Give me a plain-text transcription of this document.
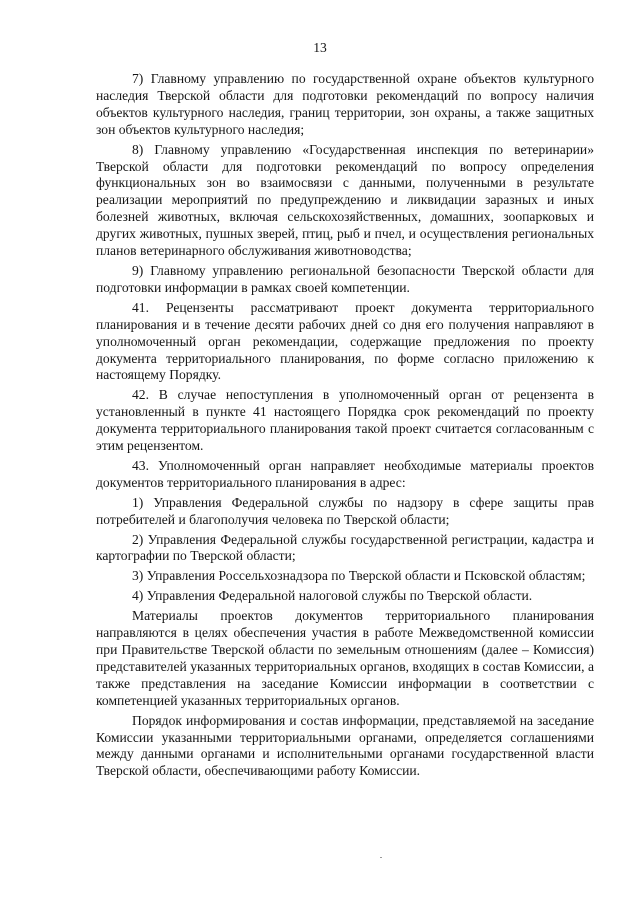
13

7) Главному управлению по государственной охране объектов культурного наследия Тверской области для подготовки рекомендаций по вопросу наличия объектов культурного наследия, границ территории, зон охраны, а также защитных зон объектов культурного наследия;

8) Главному управлению «Государственная инспекция по ветеринарии» Тверской области для подготовки рекомендаций по вопросу определения функциональных зон во взаимосвязи с данными, полученными в результате реализации мероприятий по предупреждению и ликвидации заразных и иных болезней животных, включая сельскохозяйственных, домашних, зоопарковых и других животных, пушных зверей, птиц, рыб и пчел, и осуществления региональных планов ветеринарного обслуживания животноводства;

9) Главному управлению региональной безопасности Тверской области для подготовки информации в рамках своей компетенции.

41. Рецензенты рассматривают проект документа территориального планирования и в течение десяти рабочих дней со дня его получения направляют в уполномоченный орган рекомендации, содержащие предложения по проекту документа территориального планирования, по форме согласно приложению к настоящему Порядку.

42. В случае непоступления в уполномоченный орган от рецензента в установленный в пункте 41 настоящего Порядка срок рекомендаций по проекту документа территориального планирования такой проект считается согласованным с этим рецензентом.

43. Уполномоченный орган направляет необходимые материалы проектов документов территориального планирования в адрес:

1) Управления Федеральной службы по надзору в сфере защиты прав потребителей и благополучия человека по Тверской области;

2) Управления Федеральной службы государственной регистрации, кадастра и картографии по Тверской области;

3) Управления Россельхознадзора по Тверской области и Псковской областям;

4) Управления Федеральной налоговой службы по Тверской области.

Материалы проектов документов территориального планирования направляются в целях обеспечения участия в работе Межведомственной комиссии при Правительстве Тверской области по земельным отношениям (далее – Комиссия) представителей указанных территориальных органов, входящих в состав Комиссии, а также представления на заседание Комиссии информации в соответствии с компетенцией указанных территориальных органов.

Порядок информирования и состав информации, представляемой на заседание Комиссии указанными территориальными органами, определяется соглашениями между данными органами и исполнительными органами государственной власти Тверской области, обеспечивающими работу Комиссии.
